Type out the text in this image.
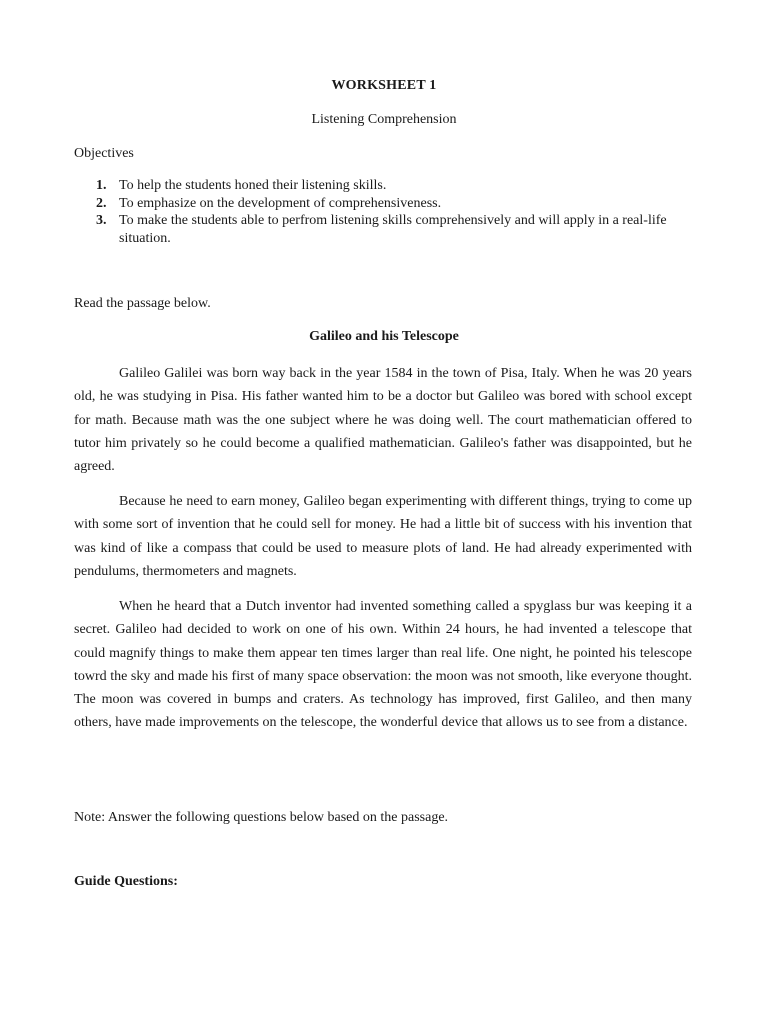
WORKSHEET 1
Listening Comprehension
Objectives
1. To help the students honed their listening skills.
2. To emphasize on the development of comprehensiveness.
3. To make the students able to perfrom listening skills comprehensively and will apply in a real-life situation.
Read the passage below.
Galileo and his Telescope

Galileo Galilei was born way back in the year 1584 in the town of Pisa, Italy. When he was 20 years old, he was studying in Pisa. His father wanted him to be a doctor but Galileo was bored with school except for math. Because math was the one subject where he was doing well. The court mathematician offered to tutor him privately so he could become a qualified mathematician. Galileo's father was disappointed, but he agreed.

Because he need to earn money, Galileo began experimenting with different things, trying to come up with some sort of invention that he could sell for money. He had a little bit of success with his invention that was kind of like a compass that could be used to measure plots of land. He had already experimented with pendulums, thermometers and magnets.

When he heard that a Dutch inventor had invented something called a spyglass bur was keeping it a secret. Galileo had decided to work on one of his own. Within 24 hours, he had invented a telescope that could magnify things to make them appear ten times larger than real life. One night, he pointed his telescope towrd the sky and made his first of many space observation: the moon was not smooth, like everyone thought. The moon was covered in bumps and craters. As technology has improved, first Galileo, and then many others, have made improvements on the telescope, the wonderful device that allows us to see from a distance.

Note: Answer the following questions below based on the passage.
Guide Questions:
